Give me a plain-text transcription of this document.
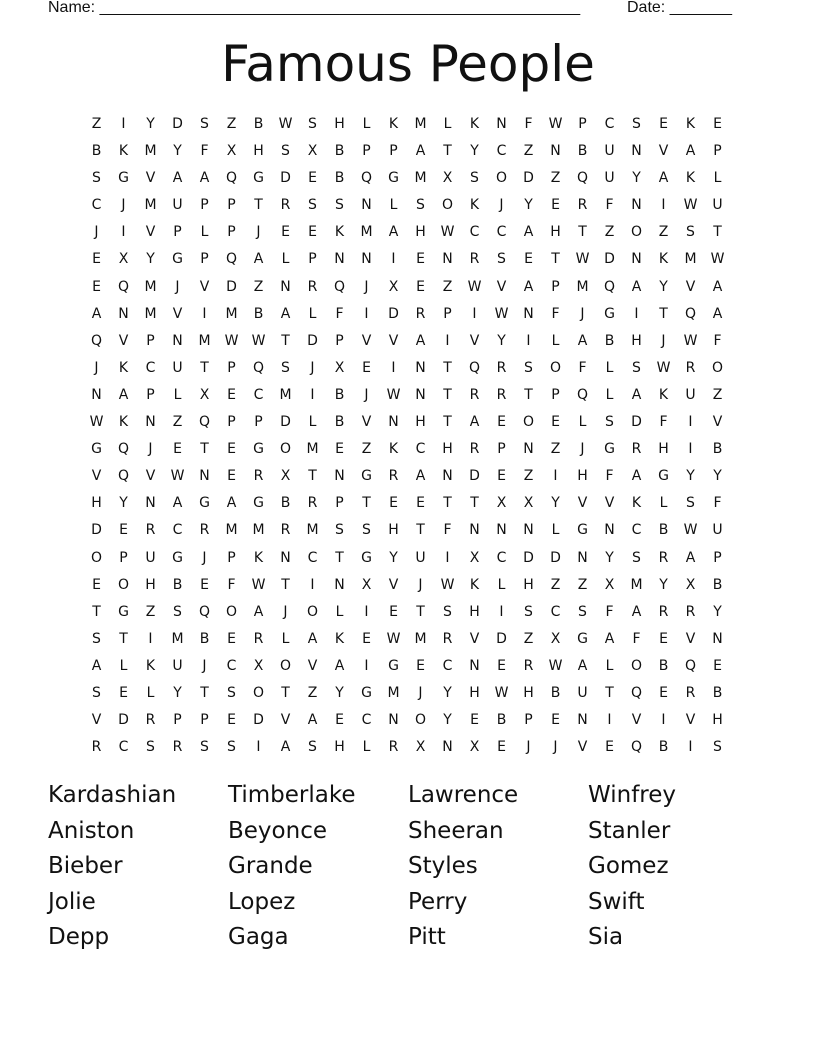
Name: ______________________________________________________	Date: _______
Famous People
Z	I	Y	D	S	Z	B	W	S	H	L	K	M	L	K	N	F	W	P	C	S	E	K	E
B	K	M	Y	F	X	H	S	X	B	P	P	A	T	Y	C	Z	N	B	U	N	V	A	P
S	G	V	A	A	Q	G	D	E	B	Q	G	M	X	S	O	D	Z	Q	U	Y	A	K	L
C	J	M	U	P	P	T	R	S	S	N	L	S	O	K	J	Y	E	R	F	N	I	W	U
J	I	V	P	L	P	J	E	E	K	M	A	H	W	C	C	A	H	T	Z	O	Z	S	T
E	X	Y	G	P	Q	A	L	P	N	N	I	E	N	R	S	E	T	W	D	N	K	M	W
E	Q	M	J	V	D	Z	N	R	Q	J	X	E	Z	W	V	A	P	M	Q	A	Y	V	A
A	N	M	V	I	M	B	A	L	F	I	D	R	P	I	W	N	F	J	G	I	T	Q	A
Q	V	P	N	M	W W	T	D	P	V	V	A	I	V	Y	I	L	A	B	H	J	W	F
J	K	C	U	T	P	Q	S	J	X	E	I	N	T	Q	R	S	O	F	L	S	W	R	O
N	A	P	L	X	E	C	M	I	B	J	W	N	T	R	R	T	P	Q	L	A	K	U	Z
W	K	N	Z	Q	P	P	D	L	B	V	N	H	T	A	E	O	E	L	S	D	F	I	V
G	Q	J	E	T	E	G	O	M	E	Z	K	C	H	R	P	N	Z	J	G	R	H	I	B
V	Q	V	W	N	E	R	X	T	N	G	R	A	N	D	E	Z	I	H	F	A	G	Y	Y
H	Y	N	A	G	A	G	B	R	P	T	E	E	T	T	X	X	Y	V	V	K	L	S	F
D	E	R	C	R	M	M	R	M	S	S	H	T	F	N	N	N	L	G	N	C	B	W	U
O	P	U	G	J	P	K	N	C	T	G	Y	U	I	X	C	D	D	N	Y	S	R	A	P
E	O	H	B	E	F	W	T	I	N	X	V	J	W	K	L	H	Z	Z	X	M	Y	X	B
T	G	Z	S	Q	O	A	J	O	L	I	E	T	S	H	I	S	C	S	F	A	R	R	Y
S	T	I	M	B	E	R	L	A	K	E	W	M	R	V	D	Z	X	G	A	F	E	V	N
A	L	K	U	J	C	X	O	V	A	I	G	E	C	N	E	R	W	A	L	O	B	Q	E
S	E	L	Y	T	S	O	T	Z	Y	G	M	J	Y	H	W	H	B	U	T	Q	E	R	B
V	D	R	P	P	E	D	V	A	E	C	N	O	Y	E	B	P	E	N	I	V	I	V	H
R	C	S	R	S	S	I	A	S	H	L	R	X	N	X	E	J	J	V	E	Q	B	I	S
Kardashian	Timberlake	Lawrence	Winfrey
Aniston	Beyonce	Sheeran	Stanler
Bieber	Grande	Styles	Gomez
Jolie	Lopez	Perry	Swift
Depp	Gaga	Pitt	Sia
